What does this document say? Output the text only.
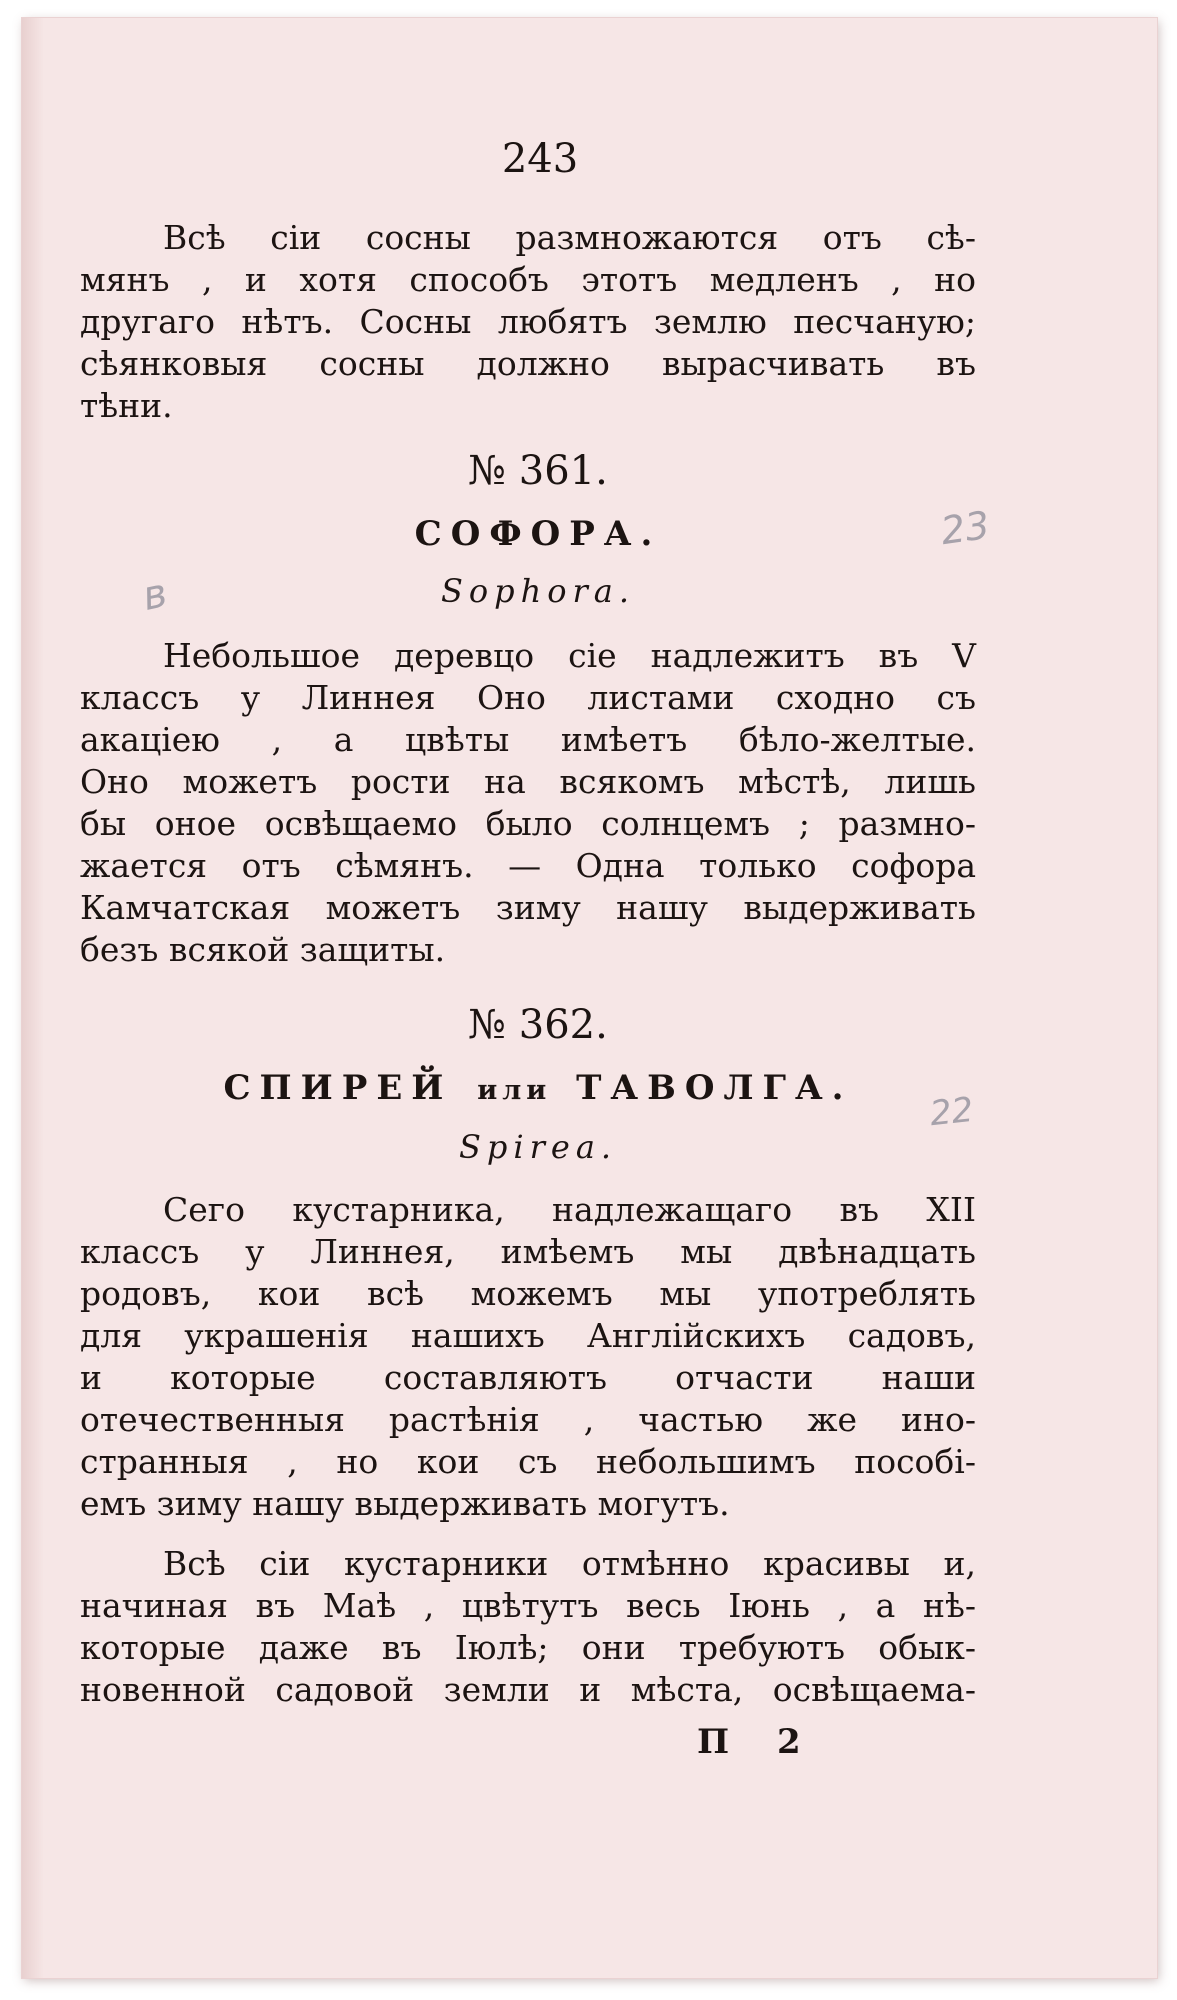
243
Всѣ сіи сосны размножаются отъ сѣ-
мянъ , и хотя способъ этотъ медленъ , но
другаго нѣтъ. Сосны любятъ землю песчаную;
сѣянковыя сосны должно вырасчивать въ
тѣни.
№ 361.
СОФОРА.
Sophora.
Небольшое деревцо сіе надлежитъ въ V
классъ у Линнея Оно листами сходно съ
акаціею , а цвѣты имѣетъ бѣло-желтые.
Оно можетъ рости на всякомъ мѣстѣ, лишь
бы оное освѣщаемо было солнцемъ ; размно-
жается отъ сѣмянъ. — Одна только софора
Камчатская можетъ зиму нашу выдерживать
безъ всякой защиты.
№ 362.
СПИРЕЙ или ТАВОЛГА.
Spirea.
Сего кустарника, надлежащаго въ XII
классъ у Линнея, имѣемъ мы двѣнадцать
родовъ, кои всѣ можемъ мы употреблять
для украшенія нашихъ Англійскихъ садовъ,
и которые составляютъ отчасти наши
отечественныя растѣнія , частью же ино-
странныя , но кои съ небольшимъ пособі-
емъ зиму нашу выдерживать могутъ.
Всѣ сіи кустарники отмѣнно красивы и,
начиная въ Маѣ , цвѣтутъ весь Іюнь , а нѣ-
которые даже въ Іюлѣ; они требуютъ обык-
новенной садовой земли и мѣста, освѣщаема-
П 2
23
22
в
